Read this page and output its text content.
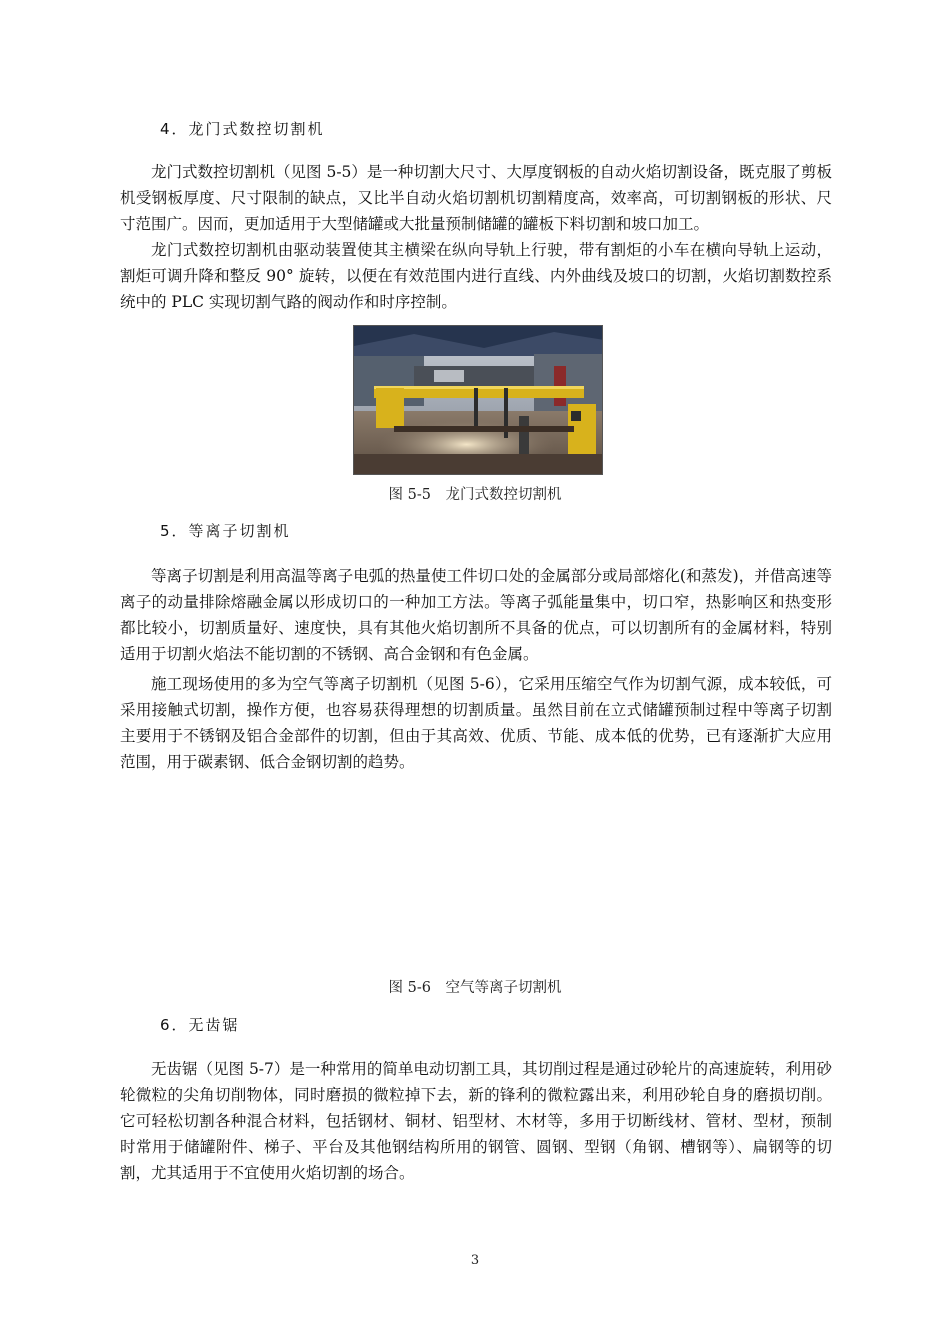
4．龙门式数控切割机

龙门式数控切割机（见图 5-5）是一种切割大尺寸、大厚度钢板的自动火焰切割设备，既克服了剪板机受钢板厚度、尺寸限制的缺点，又比半自动火焰切割机切割精度高，效率高，可切割钢板的形状、尺寸范围广。因而，更加适用于大型储罐或大批量预制储罐的罐板下料切割和坡口加工。

龙门式数控切割机由驱动装置使其主横梁在纵向导轨上行驶，带有割炬的小车在横向导轨上运动，割炬可调升降和整反 90° 旋转，以便在有效范围内进行直线、内外曲线及坡口的切割，火焰切割数控系统中的 PLC 实现切割气路的阀动作和时序控制。

图 5-5　龙门式数控切割机
5．等离子切割机

等离子切割是利用高温等离子电弧的热量使工件切口处的金属部分或局部熔化(和蒸发)，并借高速等离子的动量排除熔融金属以形成切口的一种加工方法。等离子弧能量集中，切口窄，热影响区和热变形都比较小，切割质量好、速度快，具有其他火焰切割所不具备的优点，可以切割所有的金属材料，特别适用于切割火焰法不能切割的不锈钢、高合金钢和有色金属。

施工现场使用的多为空气等离子切割机（见图 5-6），它采用压缩空气作为切割气源，成本较低，可采用接触式切割，操作方便，也容易获得理想的切割质量。虽然目前在立式储罐预制过程中等离子切割主要用于不锈钢及铝合金部件的切割，但由于其高效、优质、节能、成本低的优势，已有逐渐扩大应用范围，用于碳素钢、低合金钢切割的趋势。

图 5-6　空气等离子切割机
6．无齿锯

无齿锯（见图 5-7）是一种常用的简单电动切割工具，其切削过程是通过砂轮片的高速旋转，利用砂轮微粒的尖角切削物体，同时磨损的微粒掉下去，新的锋利的微粒露出来，利用砂轮自身的磨损切削。它可轻松切割各种混合材料，包括钢材、铜材、铝型材、木材等，多用于切断线材、管材、型材，预制时常用于储罐附件、梯子、平台及其他钢结构所用的钢管、圆钢、型钢（角钢、槽钢等）、扁钢等的切割，尤其适用于不宜使用火焰切割的场合。

3
